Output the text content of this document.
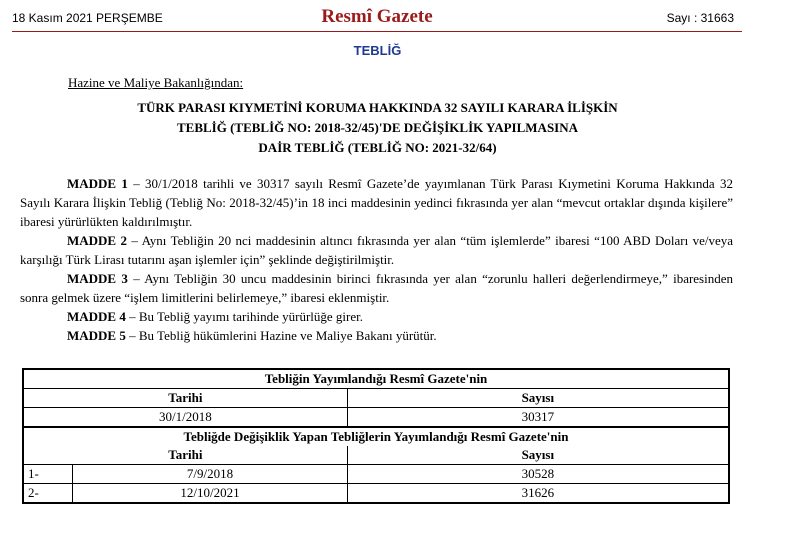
18 Kasım 2021 PERŞEMBE	Resmî Gazete	Sayı : 31663
TEBLİĞ
Hazine ve Maliye Bakanlığından:
TÜRK PARASI KIYMETİNİ KORUMA HAKKINDA 32 SAYILI KARARA İLİŞKİN
TEBLİĞ (TEBLİĞ NO: 2018-32/45)'DE DEĞİŞİKLİK YAPILMASINA
DAİR TEBLİĞ (TEBLİĞ NO: 2021-32/64)

MADDE 1 – 30/1/2018 tarihli ve 30317 sayılı Resmî Gazete’de yayımlanan Türk Parası Kıymetini Koruma Hakkında 32 Sayılı Karara İlişkin Tebliğ (Tebliğ No: 2018-32/45)’in 18 inci maddesinin yedinci fıkrasında yer alan “mevcut ortaklar dışında kişilere” ibaresi yürürlükten kaldırılmıştır.

MADDE 2 – Aynı Tebliğin 20 nci maddesinin altıncı fıkrasında yer alan “tüm işlemlerde” ibaresi “100 ABD Doları ve/veya karşılığı Türk Lirası tutarını aşan işlemler için” şeklinde değiştirilmiştir.

MADDE 3 – Aynı Tebliğin 30 uncu maddesinin birinci fıkrasında yer alan “zorunlu halleri değerlendirmeye,” ibaresinden sonra gelmek üzere “işlem limitlerini belirlemeye,” ibaresi eklenmiştir.

MADDE 4 – Bu Tebliğ yayımı tarihinde yürürlüğe girer.

MADDE 5 – Bu Tebliğ hükümlerini Hazine ve Maliye Bakanı yürütür.

Tebliğin Yayımlandığı Resmî Gazete'nin		
Tarihi		Sayısı
30/1/2018		30317
Tebliğde Değişiklik Yapan Tebliğlerin Yayımlandığı Resmî Gazete'nin		
Tarihi		Sayısı
1-	7/9/2018	30528
2-	12/10/2021	31626
